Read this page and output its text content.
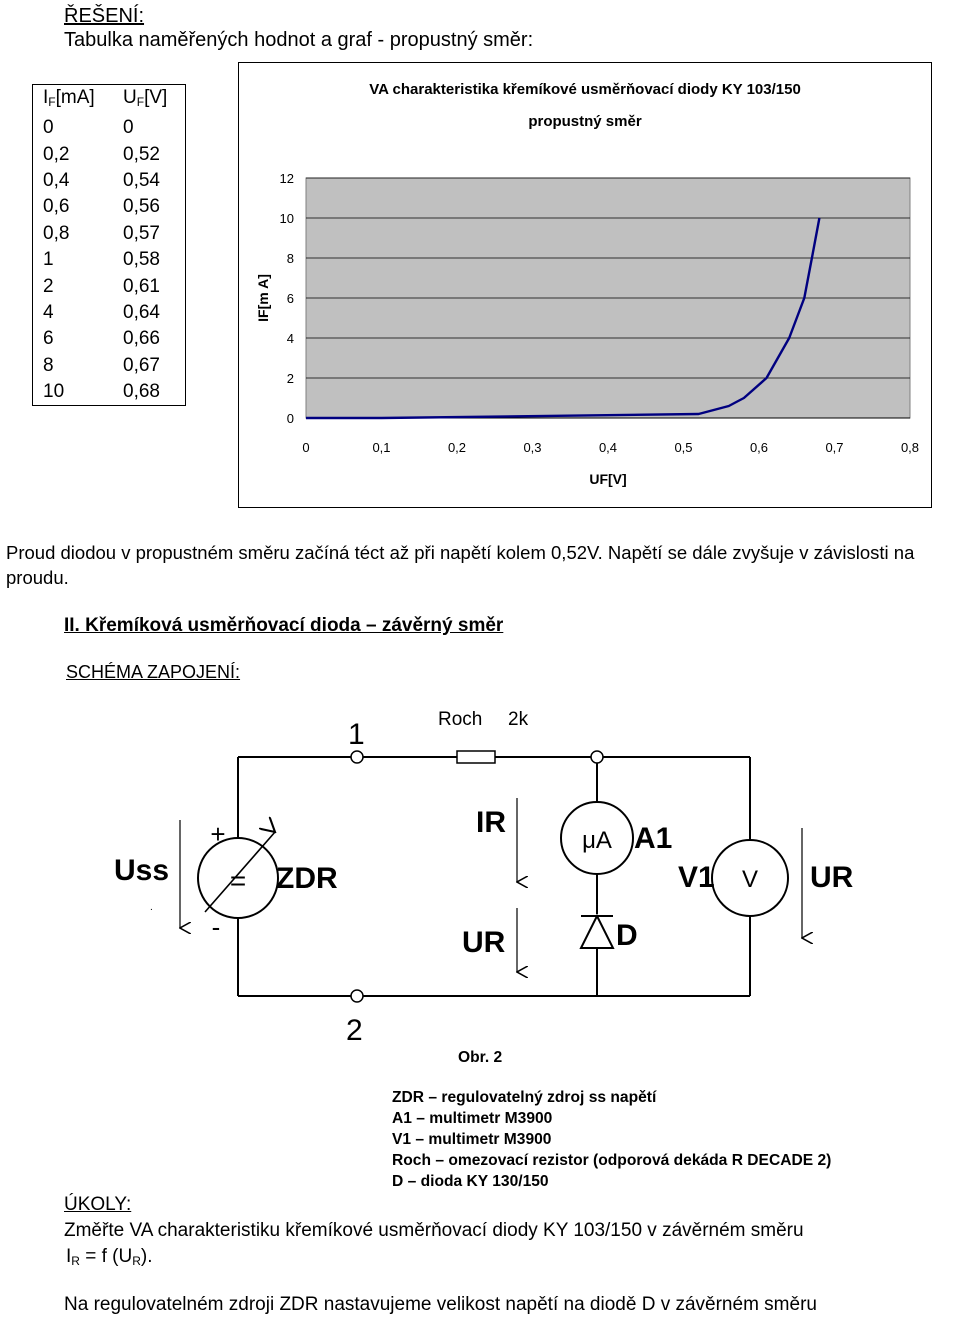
ŘEŠENÍ:
Tabulka naměřených hodnot a graf - propustný směr:
$I_F[mA]$	$U_F[V]$
0	0
0,2	0,52
0,4	0,54
0,6	0,56
0,8	0,57
1	0,58
2	0,61
4	0,64
6	0,66
8	0,67
10	0,68
0
2
4
6
8
10
12
0	0,1	0,2	0,3	0,4	0,5	0,6	0,7	0,8
VA charakteristika křemíkové usměrňovací diody KY 103/150
propustný směr
UF[V]
IF[m A]
Proud diodou v propustném směru začíná téct až při napětí kolem 0,52V. Napětí se dále zvyšuje v závislosti na proudu.
II. Křemíková usměrňovací dioda – závěrný směr
SCHÉMA ZAPOJENÍ:
=
+
-
Uss
.
ZDR
1
2
Roch 2k
IR
UR
μA A1
D
V
V1	UR
Obr. 2
ZDR – regulovatelný zdroj ss napětí
A1 – multimetr M3900
V1 – multimetr M3900
Roch – omezovací rezistor (odporová dekáda R DECADE 2)
D – dioda KY 130/150
ÚKOLY:
Změřte VA charakteristiku křemíkové usměrňovací diody KY 103/150 v závěrném směru
$I_R = f$ $(U_R)$.
Na regulovatelném zdroji ZDR nastavujeme velikost napětí na diodě D v závěrném směru
